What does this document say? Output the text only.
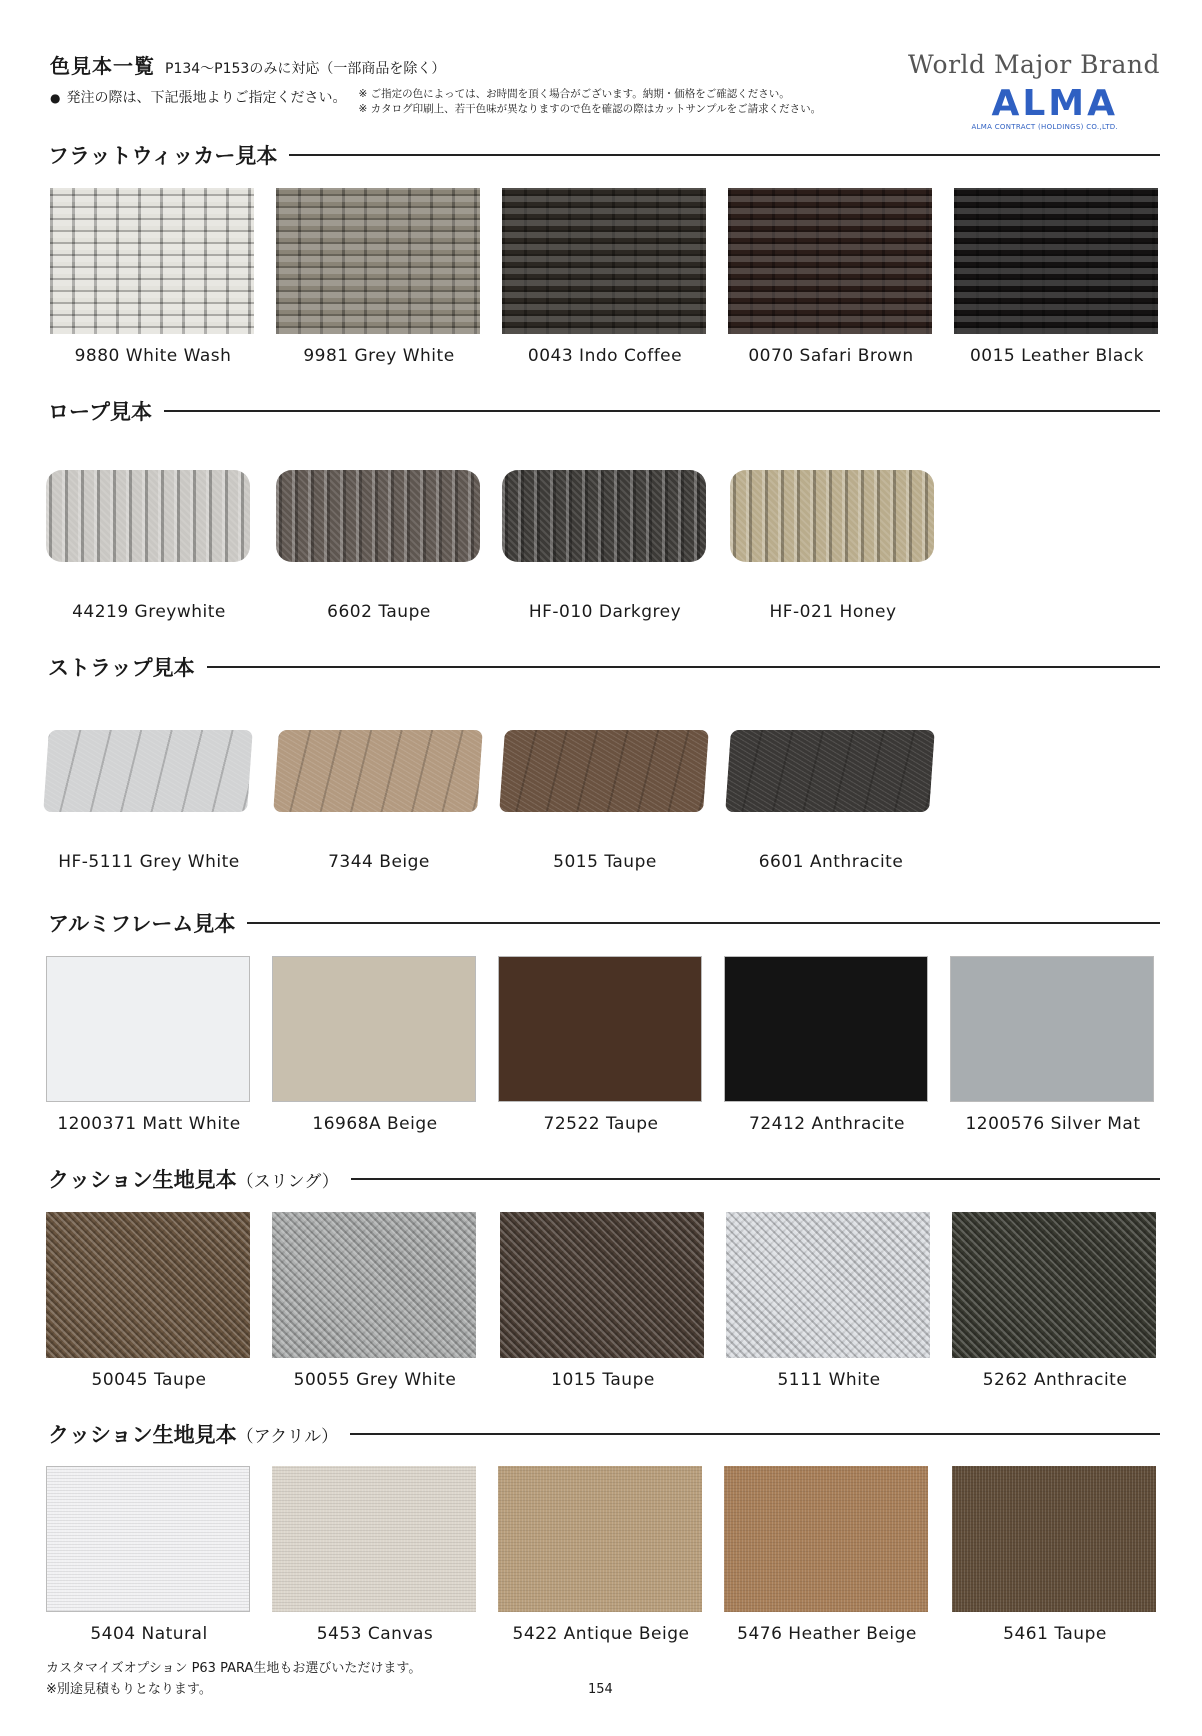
色見本一覧 P134～P153のみに対応（一部商品を除く）
● 発注の際は、下記張地よりご指定ください。 ※ ご指定の色によっては、お時間を頂く場合がございます。納期・価格をご確認ください。
※ カタログ印刷上、若干色味が異なりますので色を確認の際はカットサンプルをご請求ください。
World Major Brand
ALMA
ALMA CONTRACT (HOLDINGS) CO.,LTD.
フラットウィッカー見本
9880 White Wash	9981 Grey White	0043 Indo Coffee	0070 Safari Brown	0015 Leather Black
ロープ見本
44219 Greywhite	6602 Taupe	HF-010 Darkgrey	HF-021 Honey
ストラップ見本
HF-5111 Grey White	7344 Beige	5015 Taupe	6601 Anthracite
アルミフレーム見本
1200371 Matt White	16968A Beige	72522 Taupe	72412 Anthracite	1200576 Silver Mat
クッション生地見本（スリング）
50045 Taupe	50055 Grey White	1015 Taupe	5111 White	5262 Anthracite
クッション生地見本（アクリル）
5404 Natural	5453 Canvas	5422 Antique Beige	5476 Heather Beige	5461 Taupe
カスタマイズオプション P63 PARA生地もお選びいただけます。
※別途見積もりとなります。	154
